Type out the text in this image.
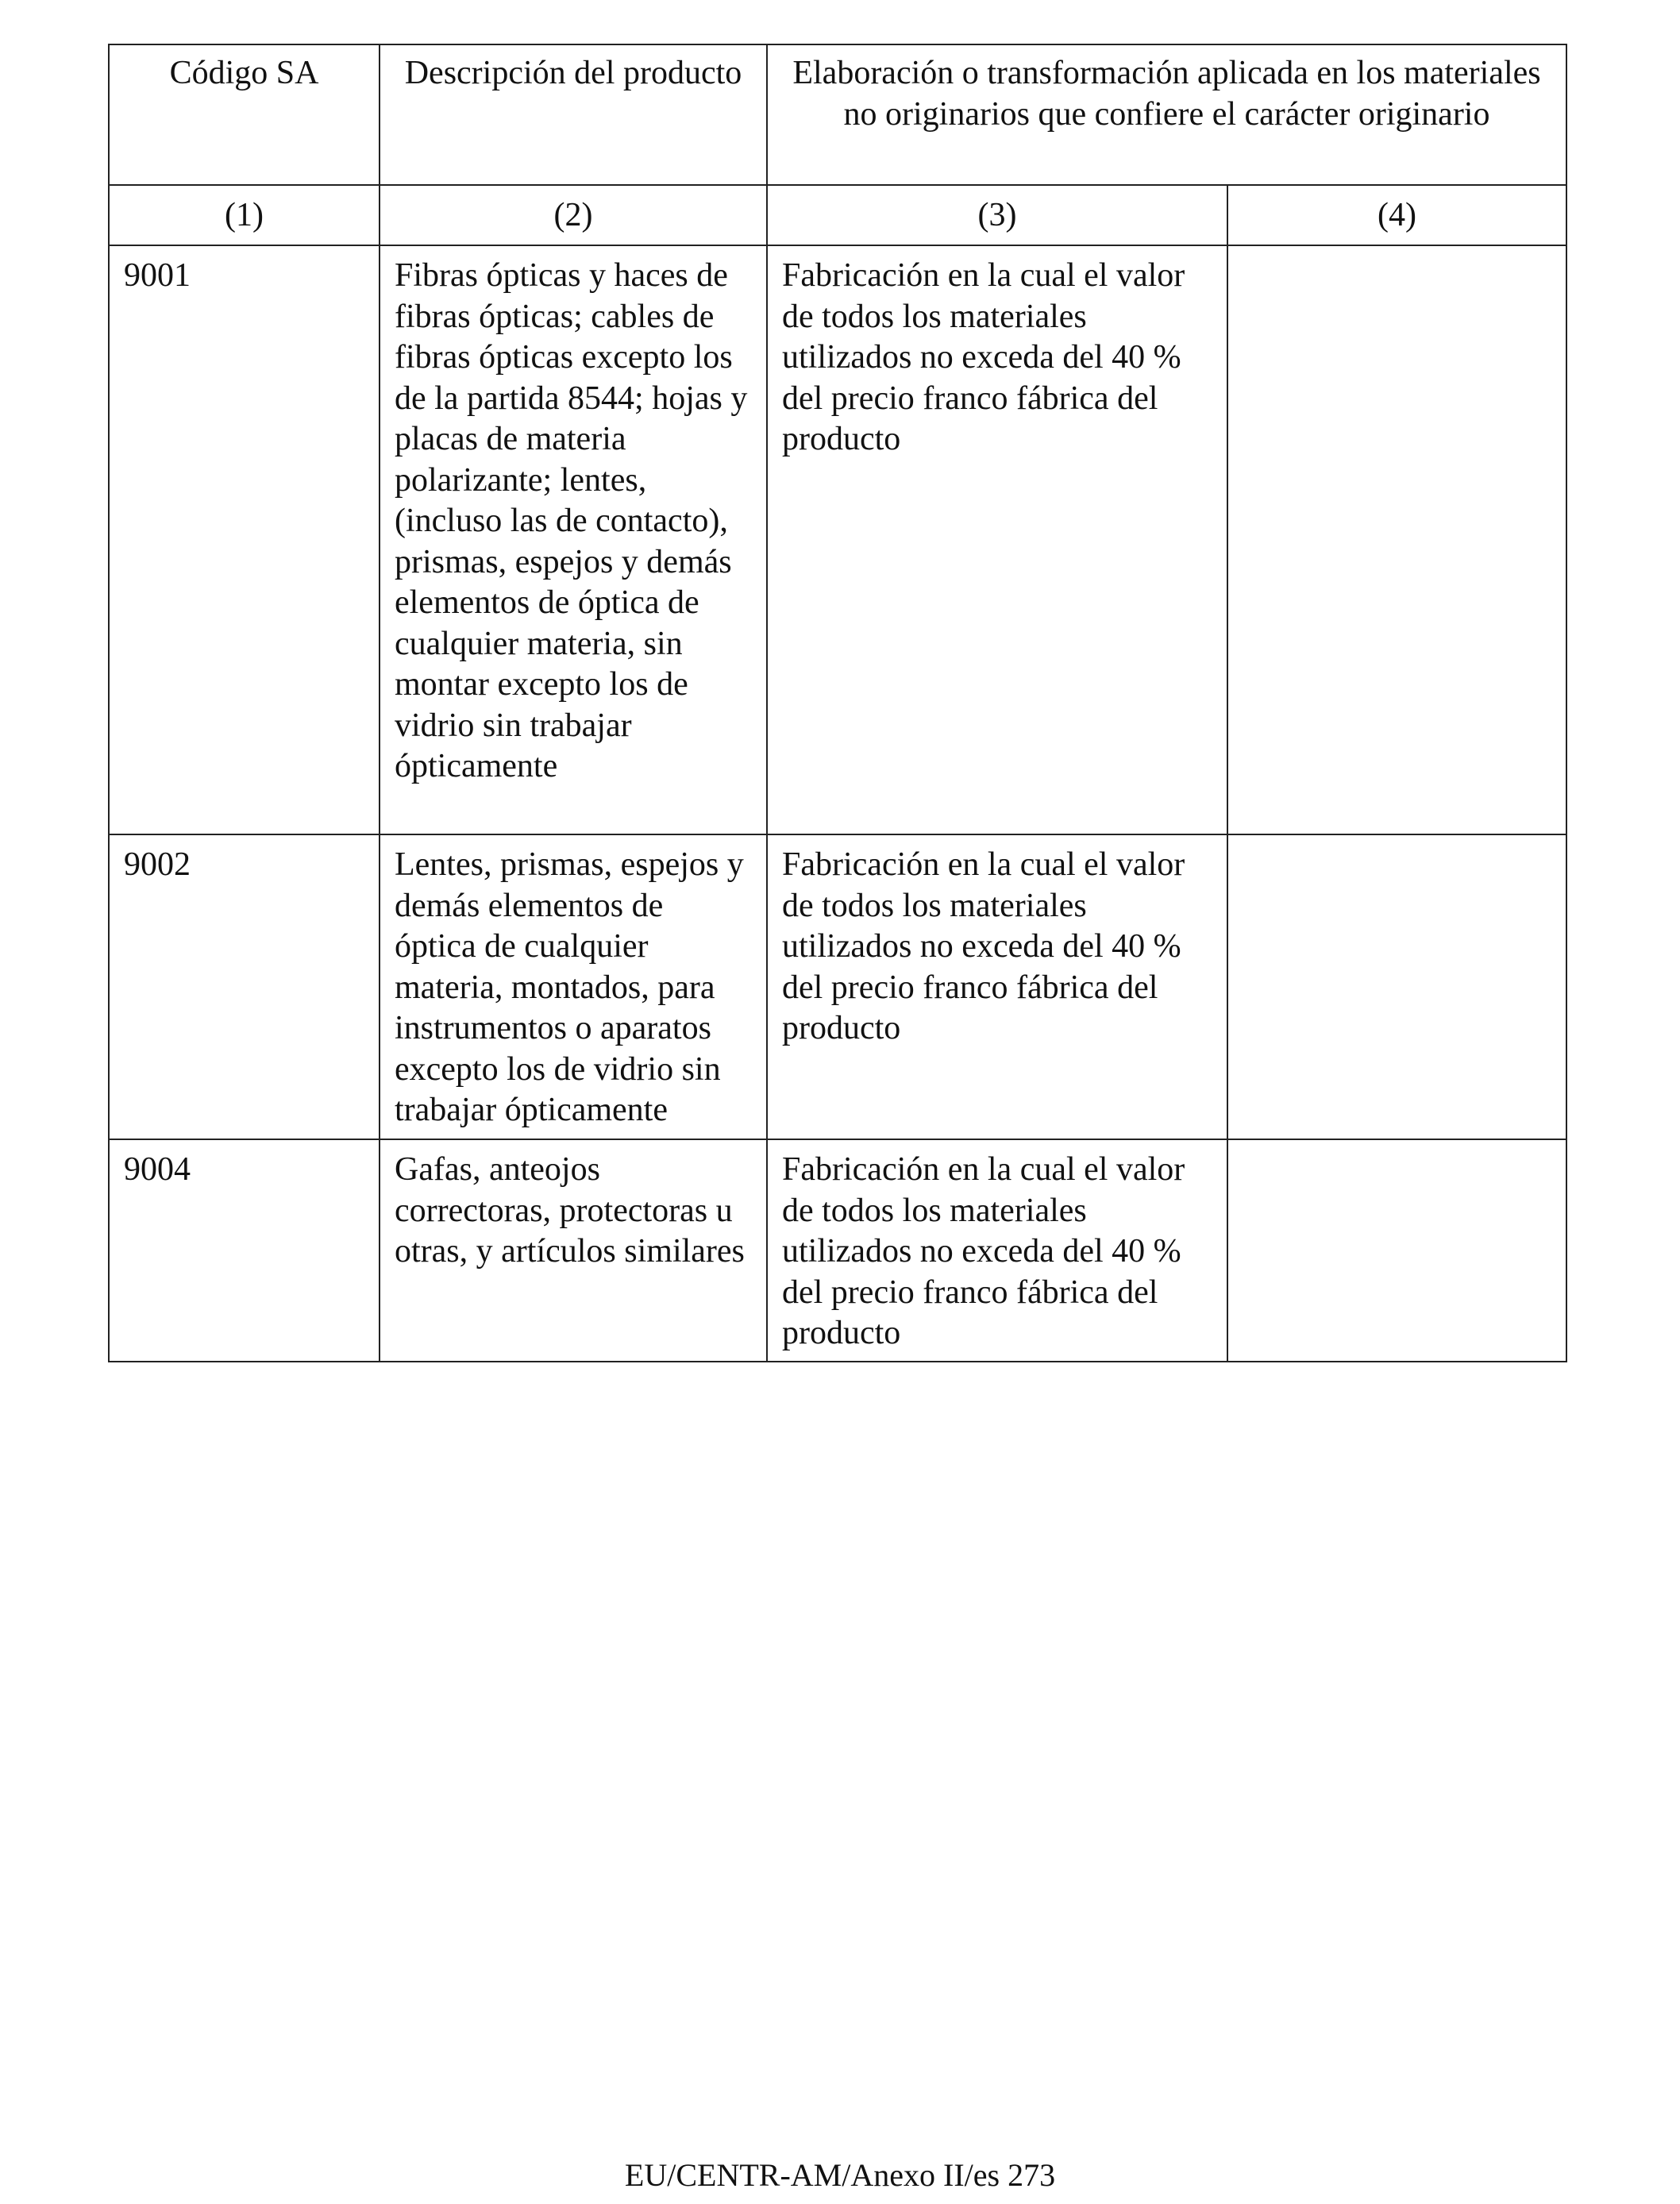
Código SA	Descripción del producto	Elaboración o transformación aplicada en los materiales no originarios que confiere el carácter originario	
(1)	(2)	(3)	(4)
9001	Fibras ópticas y haces de fibras ópticas; cables de fibras ópticas excepto los de la partida 8544; hojas y placas de materia polarizante; lentes, (incluso las de contacto), prismas, espejos y demás elementos de óptica de cualquier materia, sin montar excepto los de vidrio sin trabajar ópticamente	Fabricación en la cual el valor de todos los materiales utilizados no exceda del 40 % del precio franco fábrica del producto	
9002	Lentes, prismas, espejos y demás elementos de óptica de cualquier materia, montados, para instrumentos o aparatos excepto los de vidrio sin trabajar ópticamente	Fabricación en la cual el valor de todos los materiales utilizados no exceda del 40 % del precio franco fábrica del producto	
9004	Gafas, anteojos correctoras, protectoras u otras, y artículos similares	Fabricación en la cual el valor de todos los materiales utilizados no exceda del 40 % del precio franco fábrica del producto	
EU/CENTR-AM/Anexo II/es 273
